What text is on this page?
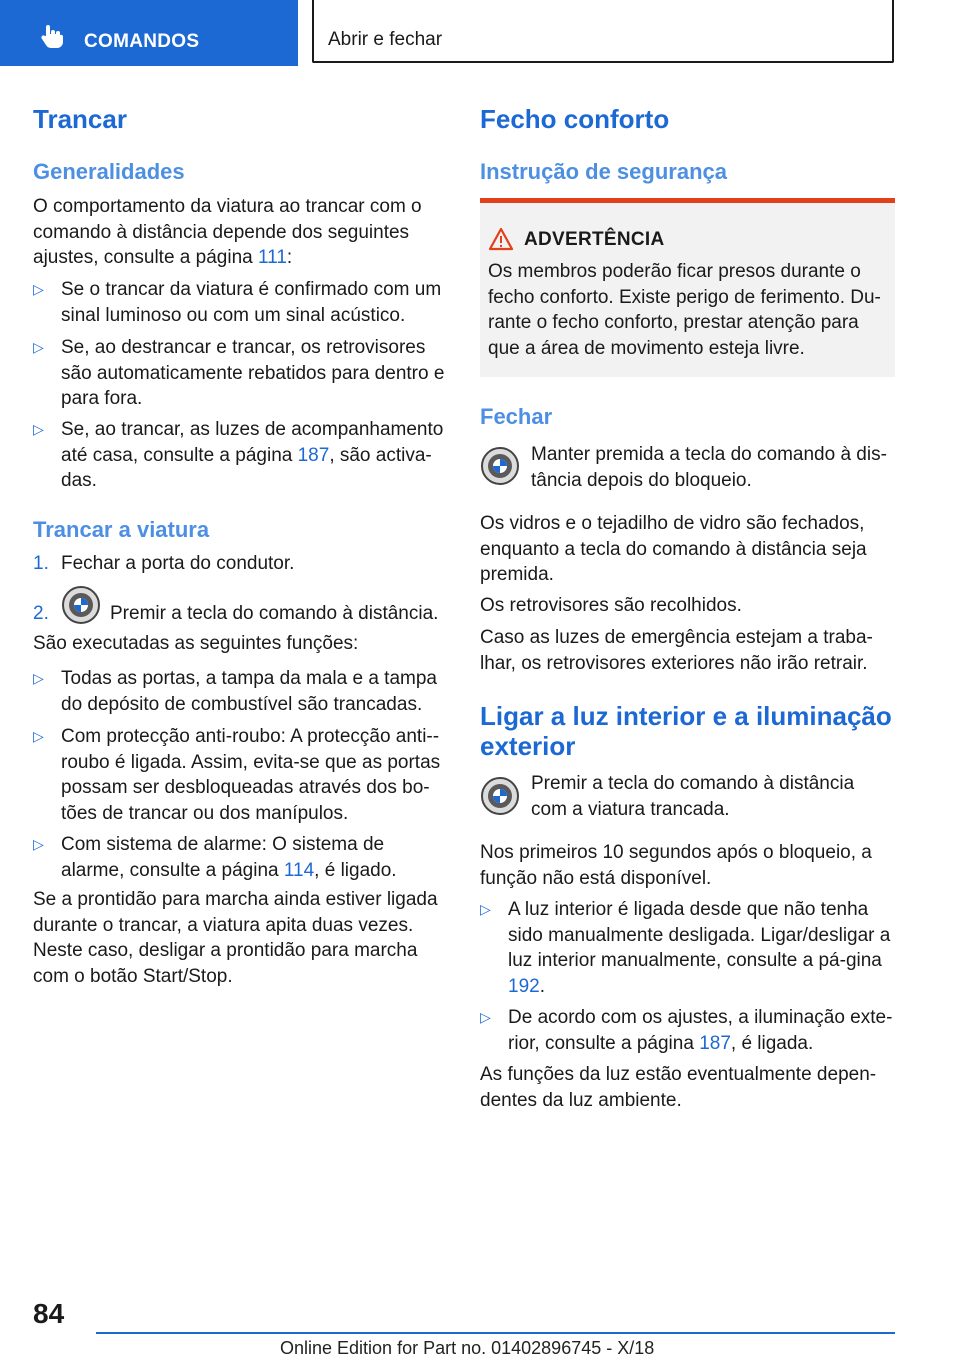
COMANDOS	Abrir e fechar
Trancar
Generalidades

O comportamento da viatura ao trancar com o comando à distância depende dos seguintes ajustes, consulte a página 111:

▷ Se o trancar da viatura é confirmado com um sinal luminoso ou com um sinal acústico.
▷ Se, ao destrancar e trancar, os retrovisores são automaticamente rebatidos para dentro e para fora.
▷ Se, ao trancar, as luzes de acompanhamento até casa, consulte a página 187, são activa-das.
Trancar a viatura
1. Fechar a porta do condutor.
2.	Premir a tecla do comando à distância.

São executadas as seguintes funções:

▷ Todas as portas, a tampa da mala e a tampa do depósito de combustível são trancadas.
▷ Com protecção anti-roubo: A protecção anti--roubo é ligada. Assim, evita-se que as portas possam ser desbloqueadas através dos bo-tões de trancar ou dos manípulos.
▷ Com sistema de alarme: O sistema de alarme, consulte a página 114, é ligado.

Se a prontidão para marcha ainda estiver ligada durante o trancar, a viatura apita duas vezes. Neste caso, desligar a prontidão para marcha com o botão Start/Stop.

Fecho conforto
Instrução de segurança
ADVERTÊNCIA
Os membros poderão ficar presos durante o fecho conforto. Existe perigo de ferimento. Du-rante o fecho conforto, prestar atenção para que a área de movimento esteja livre.
Fechar

Manter premida a tecla do comando à dis-tância depois do bloqueio.

Os vidros e o tejadilho de vidro são fechados, enquanto a tecla do comando à distância seja premida.

Os retrovisores são recolhidos.

Caso as luzes de emergência estejam a traba-lhar, os retrovisores exteriores não irão retrair.

Ligar a luz interior e a iluminação exterior

Premir a tecla do comando à distância com a viatura trancada.

Nos primeiros 10 segundos após o bloqueio, a função não está disponível.

▷ A luz interior é ligada desde que não tenha sido manualmente desligada. Ligar/desligar a luz interior manualmente, consulte a pá-gina 192.
▷ De acordo com os ajustes, a iluminação exte-rior, consulte a página 187, é ligada.

As funções da luz estão eventualmente depen-dentes da luz ambiente.

84
Online Edition for Part no. 01402896745 - X/18
